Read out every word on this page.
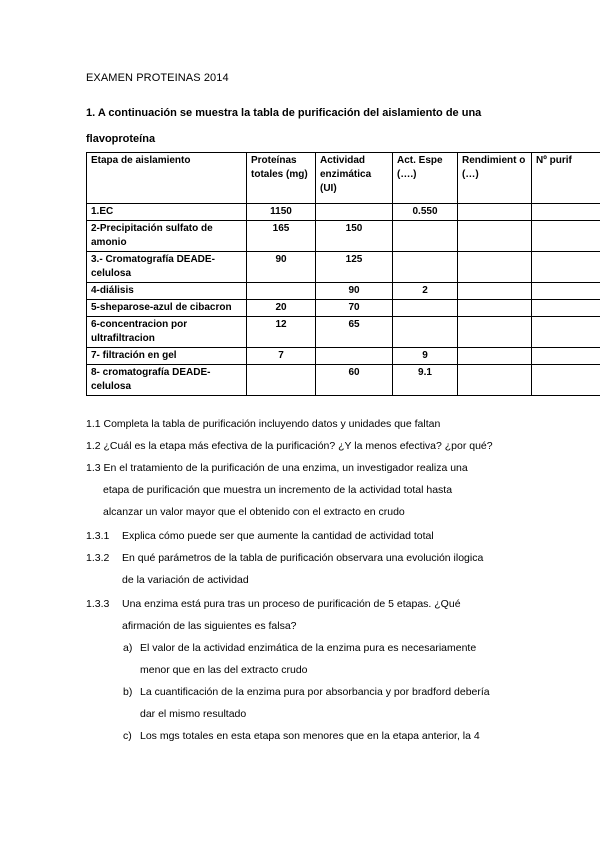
EXAMEN PROTEINAS 2014
1. A continuación se muestra la tabla de purificación del aislamiento de una
flavoproteína
Etapa de aislamiento	Proteínas totales (mg)	Actividad enzimática (UI)	Act. Espe (….)	Rendimient o (…)	Nº purif
1.EC	1150		0.550		
2-Precipitación sulfato de amonio	165	150			
3.- Cromatografía DEADE-celulosa	90	125			
4-diálisis		90	2		
5-sheparose-azul de cibacron	20	70			
6-concentracion por ultrafiltracion	12	65			
7- filtración en gel	7		9		
8- cromatografía DEADE-celulosa		60	9.1		
1.1 Completa la tabla de purificación incluyendo datos y unidades que faltan
1.2 ¿Cuál es la etapa más efectiva de la purificación? ¿Y la menos efectiva? ¿por qué?
1.3 En el tratamiento de la purificación de una enzima, un investigador realiza una
etapa de purificación que muestra un incremento de la actividad total hasta
alcanzar un valor mayor que el obtenido con el extracto en crudo
1.3.1 Explica cómo puede ser que aumente la cantidad de actividad total
1.3.2 En qué parámetros de la tabla de purificación observara una evolución ilogica
de la variación de actividad
1.3.3 Una enzima está pura tras un proceso de purificación de 5 etapas. ¿Qué
afirmación de las siguientes es falsa?
a) El valor de la actividad enzimática de la enzima pura es necesariamente
menor que en las del extracto crudo
b) La cuantificación de la enzima pura por absorbancia y por bradford debería
dar el mismo resultado
c) Los mgs totales en esta etapa son menores que en la etapa anterior, la 4
